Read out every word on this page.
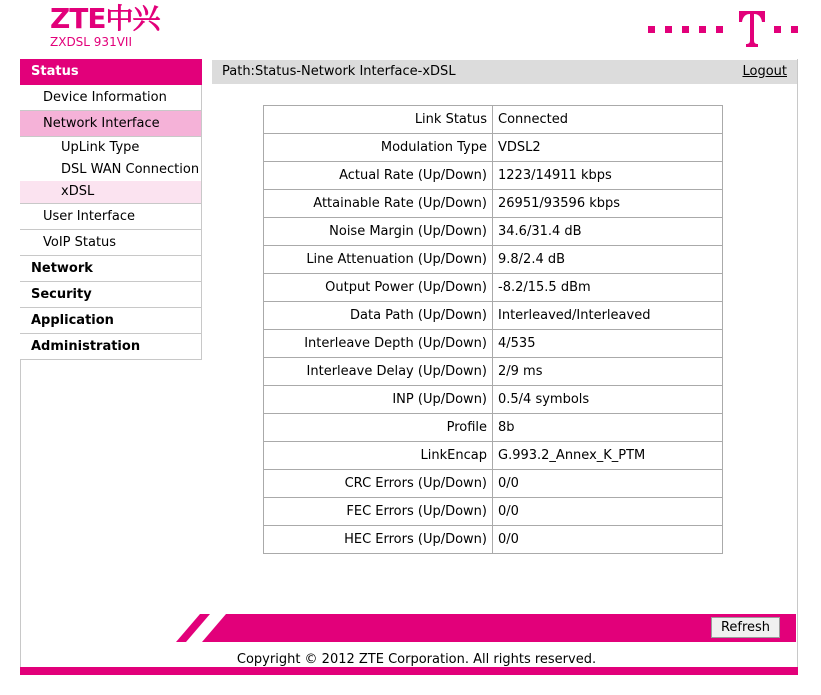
ZTE中兴
ZXDSL 931VII
Status
Device Information
Network Interface
UpLink Type
DSL WAN Connection
xDSL
User Interface
VoIP Status
Network
Security
Application
Administration
Path:Status-Network Interface-xDSL	Logout
Link Status	Connected
Modulation Type	VDSL2
Actual Rate (Up/Down)	1223/14911 kbps
Attainable Rate (Up/Down)	26951/93596 kbps
Noise Margin (Up/Down)	34.6/31.4 dB
Line Attenuation (Up/Down)	9.8/2.4 dB
Output Power (Up/Down)	-8.2/15.5 dBm
Data Path (Up/Down)	Interleaved/Interleaved
Interleave Depth (Up/Down)	4/535
Interleave Delay (Up/Down)	2/9 ms
INP (Up/Down)	0.5/4 symbols
Profile	8b
LinkEncap	G.993.2_Annex_K_PTM
CRC Errors (Up/Down)	0/0
FEC Errors (Up/Down)	0/0
HEC Errors (Up/Down)	0/0
Refresh
Copyright © 2012 ZTE Corporation. All rights reserved.
